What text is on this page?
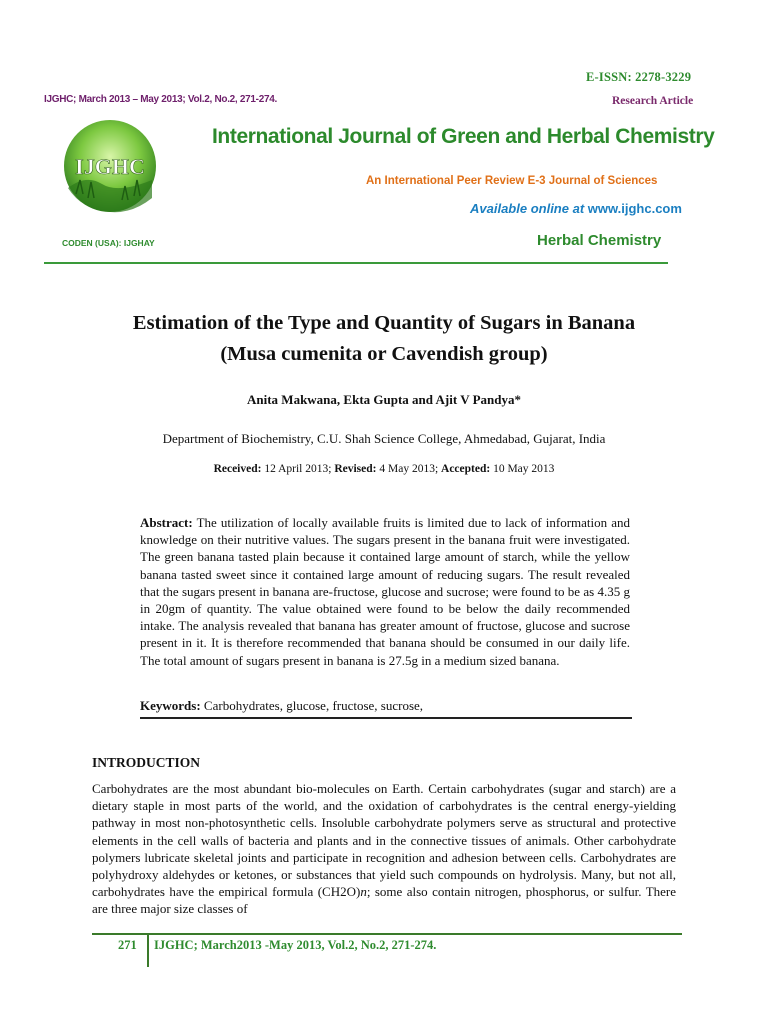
E-ISSN: 2278-3229
IJGHC; March 2013 – May 2013; Vol.2, No.2, 271-274.	Research Article
IJGHC
International Journal of Green and Herbal Chemistry
An International Peer Review E-3 Journal of Sciences
Available online at www.ijghc.com
CODEN (USA): IJGHAY	Herbal Chemistry
Estimation of the Type and Quantity of Sugars in Banana
(Musa cumenita or Cavendish group)
Anita Makwana, Ekta Gupta and Ajit V Pandya*
Department of Biochemistry, C.U. Shah Science College, Ahmedabad, Gujarat, India
Received: 12 April 2013; Revised: 4 May 2013; Accepted: 10 May 2013
Abstract: The utilization of locally available fruits is limited due to lack of information and knowledge on their nutritive values. The sugars present in the banana fruit were investigated. The green banana tasted plain because it contained large amount of starch, while the yellow banana tasted sweet since it contained large amount of reducing sugars. The result revealed that the sugars present in banana are-fructose, glucose and sucrose; were found to be as 4.35 g in 20gm of quantity. The value obtained were found to be below the daily recommended intake. The analysis revealed that banana has greater amount of fructose, glucose and sucrose present in it. It is therefore recommended that banana should be consumed in our daily life. The total amount of sugars present in banana is 27.5g in a medium sized banana.
Keywords: Carbohydrates, glucose, fructose, sucrose,
INTRODUCTION
Carbohydrates are the most abundant bio-molecules on Earth. Certain carbohydrates (sugar and starch) are a dietary staple in most parts of the world, and the oxidation of carbohydrates is the central energy-yielding pathway in most non-photosynthetic cells. Insoluble carbohydrate polymers serve as structural and protective elements in the cell walls of bacteria and plants and in the connective tissues of animals. Other carbohydrate polymers lubricate skeletal joints and participate in recognition and adhesion between cells. Carbohydrates are polyhydroxy aldehydes or ketones, or substances that yield such compounds on hydrolysis. Many, but not all, carbohydrates have the empirical formula (CH2O)n; some also contain nitrogen, phosphorus, or sulfur. There are three major size classes of
271 IJGHC; March2013 -May 2013, Vol.2, No.2, 271-274.
